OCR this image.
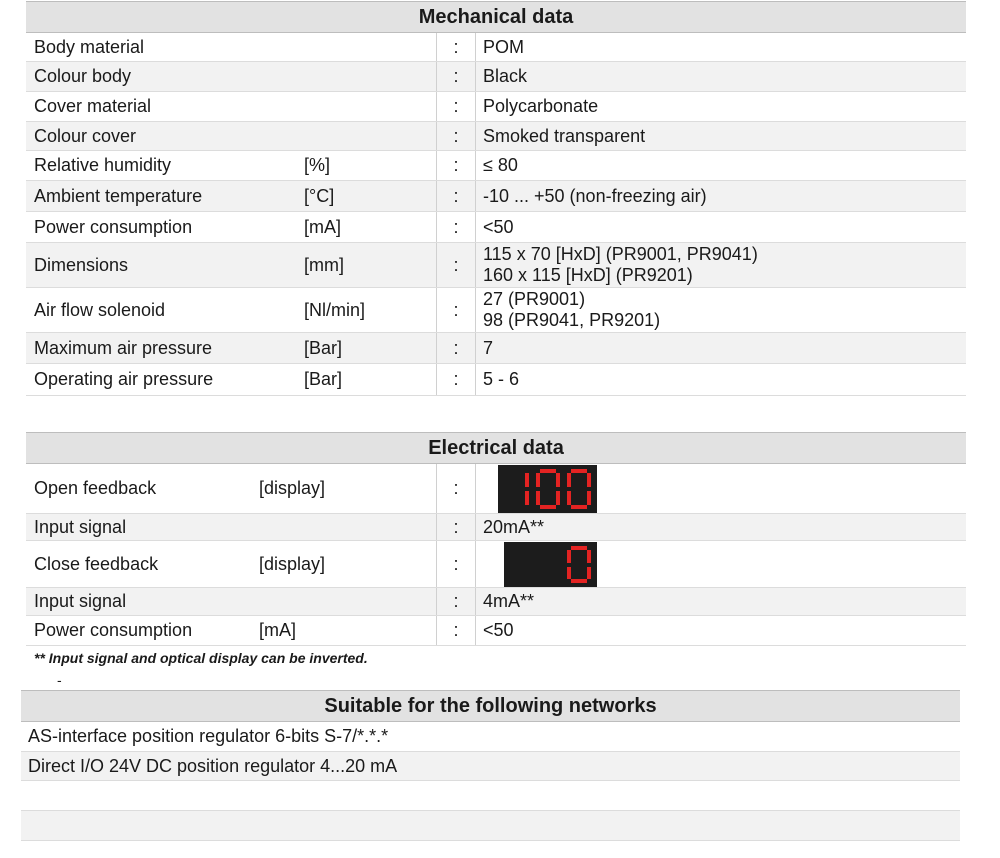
Mechanical data
Body material	:	POM
Colour body	:	Black
Cover material	:	Polycarbonate
Colour cover	:	Smoked transparent
Relative humidity	[%]	:	≤ 80
Ambient temperature	[°C]	:	-10 ... +50 (non-freezing air)
Power consumption	[mA]	:	<50
Dimensions	[mm]	:
115 x 70 [HxD] (PR9001, PR9041)
160 x 115 [HxD] (PR9201)
Air flow solenoid	[Nl/min]	:
27 (PR9001)
98 (PR9041, PR9201)
Maximum air pressure	[Bar]	:	7
Operating air pressure	[Bar]	:	5 - 6
Electrical data
Open feedback	[display]	:
Input signal	:	20mA**
Close feedback	[display]	:
Input signal	:	4mA**
Power consumption	[mA]	:	<50
** Input signal and optical display can be inverted.
-
Suitable for the following networks
AS-interface position regulator 6-bits S-7/*.*.*
Direct I/O 24V DC position regulator 4...20 mA
